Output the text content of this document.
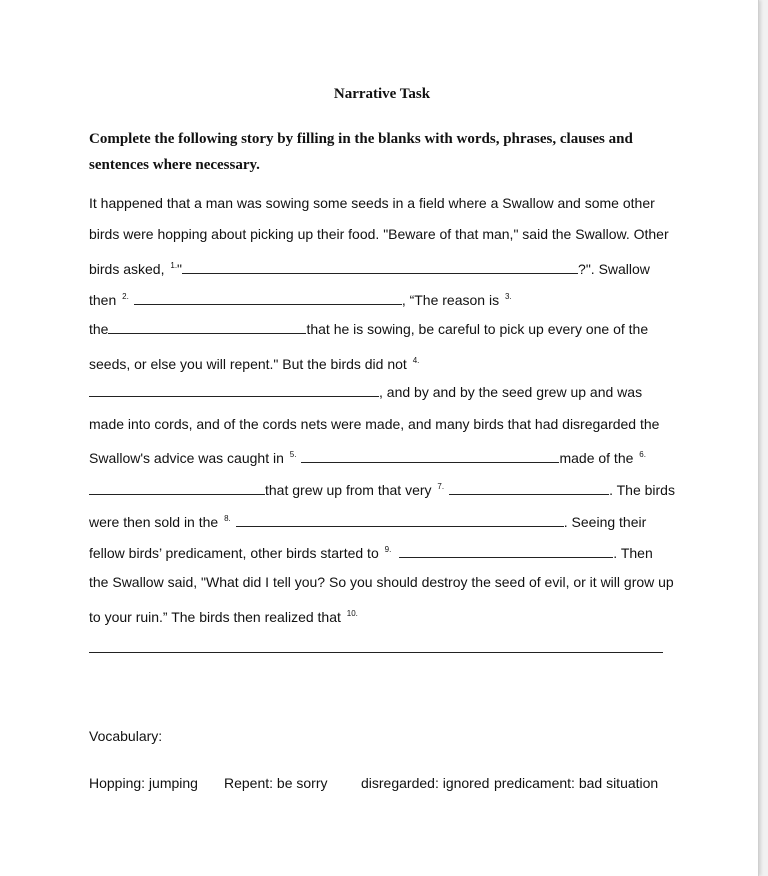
Narrative Task
Complete the following story by filling in the blanks with words, phrases, clauses and sentences where necessary.
It happened that a man was sowing some seeds in a field where a Swallow and some other
birds were hopping about picking up their food. "Beware of that man," said the Swallow. Other
birds asked, $^{1.}$"	?". Swallow
then $^{2.}$	, “The reason is $^{3.}$
the	that he is sowing, be careful to pick up every one of the
seeds, or else you will repent." But the birds did not $^{4.}$
, and by and by the seed grew up and was
made into cords, and of the cords nets were made, and many birds that had disregarded the
Swallow's advice was caught in $^{5.}$	made of the $^{6.}$
that grew up from that very $^{7.}$	. The birds
were then sold in the $^{8.}$	. Seeing their
fellow birds’ predicament, other birds started to $^{9.}$	. Then
the Swallow said, "What did I tell you? So you should destroy the seed of evil, or it will grow up
to your ruin.” The birds then realized that $^{10.}$
Vocabulary:
Hopping: jumping Repent: be sorry disregarded: ignored predicament: bad situation
